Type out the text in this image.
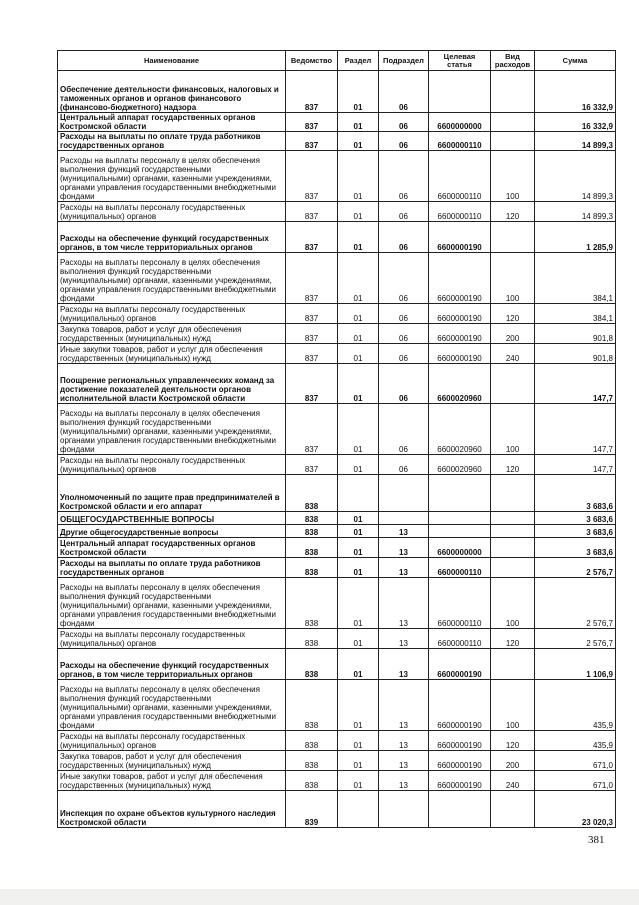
Наименование	Ведомство	Раздел	Подраздел	Целевая статья	Вид расходов	Сумма
Обеспечение деятельности финансовых, налоговых и таможенных органов и органов финансового (финансово-бюджетного) надзора	837	01	06			16 332,9
Центральный аппарат государственных органов Костромской области	837	01	06	6600000000		16 332,9
Расходы на выплаты по оплате труда работников государственных органов	837	01	06	6600000110		14 899,3
Расходы на выплаты персоналу в целях обеспечения выполнения функций государственными (муниципальными) органами, казенными учреждениями, органами управления государственными внебюджетными фондами	837	01	06	6600000110	100	14 899,3
Расходы на выплаты персоналу государственных (муниципальных) органов	837	01	06	6600000110	120	14 899,3
Расходы на обеспечение функций государственных органов, в том числе территориальных органов	837	01	06	6600000190		1 285,9
Расходы на выплаты персоналу в целях обеспечения выполнения функций государственными (муниципальными) органами, казенными учреждениями, органами управления государственными внебюджетными фондами	837	01	06	6600000190	100	384,1
Расходы на выплаты персоналу государственных (муниципальных) органов	837	01	06	6600000190	120	384,1
Закупка товаров, работ и услуг для обеспечения государственных (муниципальных) нужд	837	01	06	6600000190	200	901,8
Иные закупки товаров, работ и услуг для обеспечения государственных (муниципальных) нужд	837	01	06	6600000190	240	901,8
Поощрение региональных управленческих команд за достижение показателей деятельности органов исполнительной власти Костромской области	837	01	06	6600020960		147,7
Расходы на выплаты персоналу в целях обеспечения выполнения функций государственными (муниципальными) органами, казенными учреждениями, органами управления государственными внебюджетными фондами	837	01	06	6600020960	100	147,7
Расходы на выплаты персоналу государственных (муниципальных) органов	837	01	06	6600020960	120	147,7
Уполномоченный по защите прав предпринимателей в Костромской области и его аппарат	838					3 683,6
ОБЩЕГОСУДАРСТВЕННЫЕ ВОПРОСЫ	838	01				3 683,6
Другие общегосударственные вопросы	838	01	13			3 683,6
Центральный аппарат государственных органов Костромской области	838	01	13	6600000000		3 683,6
Расходы на выплаты по оплате труда работников государственных органов	838	01	13	6600000110		2 576,7
Расходы на выплаты персоналу в целях обеспечения выполнения функций государственными (муниципальными) органами, казенными учреждениями, органами управления государственными внебюджетными фондами	838	01	13	6600000110	100	2 576,7
Расходы на выплаты персоналу государственных (муниципальных) органов	838	01	13	6600000110	120	2 576,7
Расходы на обеспечение функций государственных органов, в том числе территориальных органов	838	01	13	6600000190		1 106,9
Расходы на выплаты персоналу в целях обеспечения выполнения функций государственными (муниципальными) органами, казенными учреждениями, органами управления государственными внебюджетными фондами	838	01	13	6600000190	100	435,9
Расходы на выплаты персоналу государственных (муниципальных) органов	838	01	13	6600000190	120	435,9
Закупка товаров, работ и услуг для обеспечения государственных (муниципальных) нужд	838	01	13	6600000190	200	671,0
Иные закупки товаров, работ и услуг для обеспечения государственных (муниципальных) нужд	838	01	13	6600000190	240	671,0
Инспекция по охране объектов культурного наследия Костромской области	839					23 020,3
381
